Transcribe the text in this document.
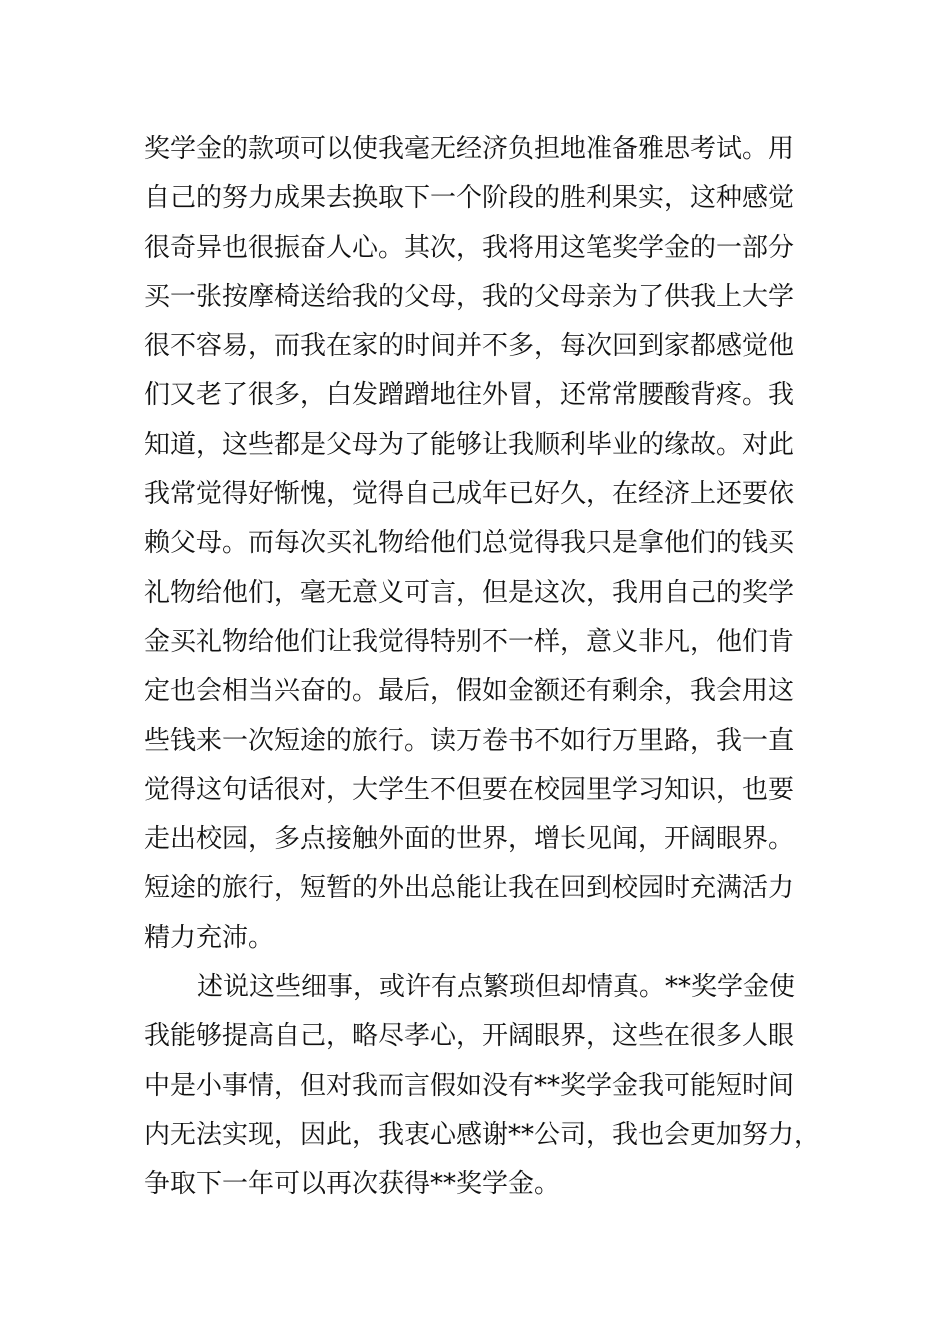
奖学金的款项可以使我毫无经济负担地准备雅思考试。用
自己的努力成果去换取下一个阶段的胜利果实，这种感觉
很奇异也很振奋人心。其次，我将用这笔奖学金的一部分
买一张按摩椅送给我的父母，我的父母亲为了供我上大学
很不容易，而我在家的时间并不多，每次回到家都感觉他
们又老了很多，白发蹭蹭地往外冒，还常常腰酸背疼。我
知道，这些都是父母为了能够让我顺利毕业的缘故。对此
我常觉得好惭愧，觉得自己成年已好久，在经济上还要依
赖父母。而每次买礼物给他们总觉得我只是拿他们的钱买
礼物给他们，毫无意义可言，但是这次，我用自己的奖学
金买礼物给他们让我觉得特别不一样，意义非凡，他们肯
定也会相当兴奋的。最后，假如金额还有剩余，我会用这
些钱来一次短途的旅行。读万卷书不如行万里路，我一直
觉得这句话很对，大学生不但要在校园里学习知识，也要
走出校园，多点接触外面的世界，增长见闻，开阔眼界。
短途的旅行，短暂的外出总能让我在回到校园时充满活力
精力充沛。
述说这些细事，或许有点繁琐但却情真。**奖学金使
我能够提高自己，略尽孝心，开阔眼界，这些在很多人眼
中是小事情，但对我而言假如没有**奖学金我可能短时间
内无法实现，因此，我衷心感谢**公司，我也会更加努力，
争取下一年可以再次获得**奖学金。
